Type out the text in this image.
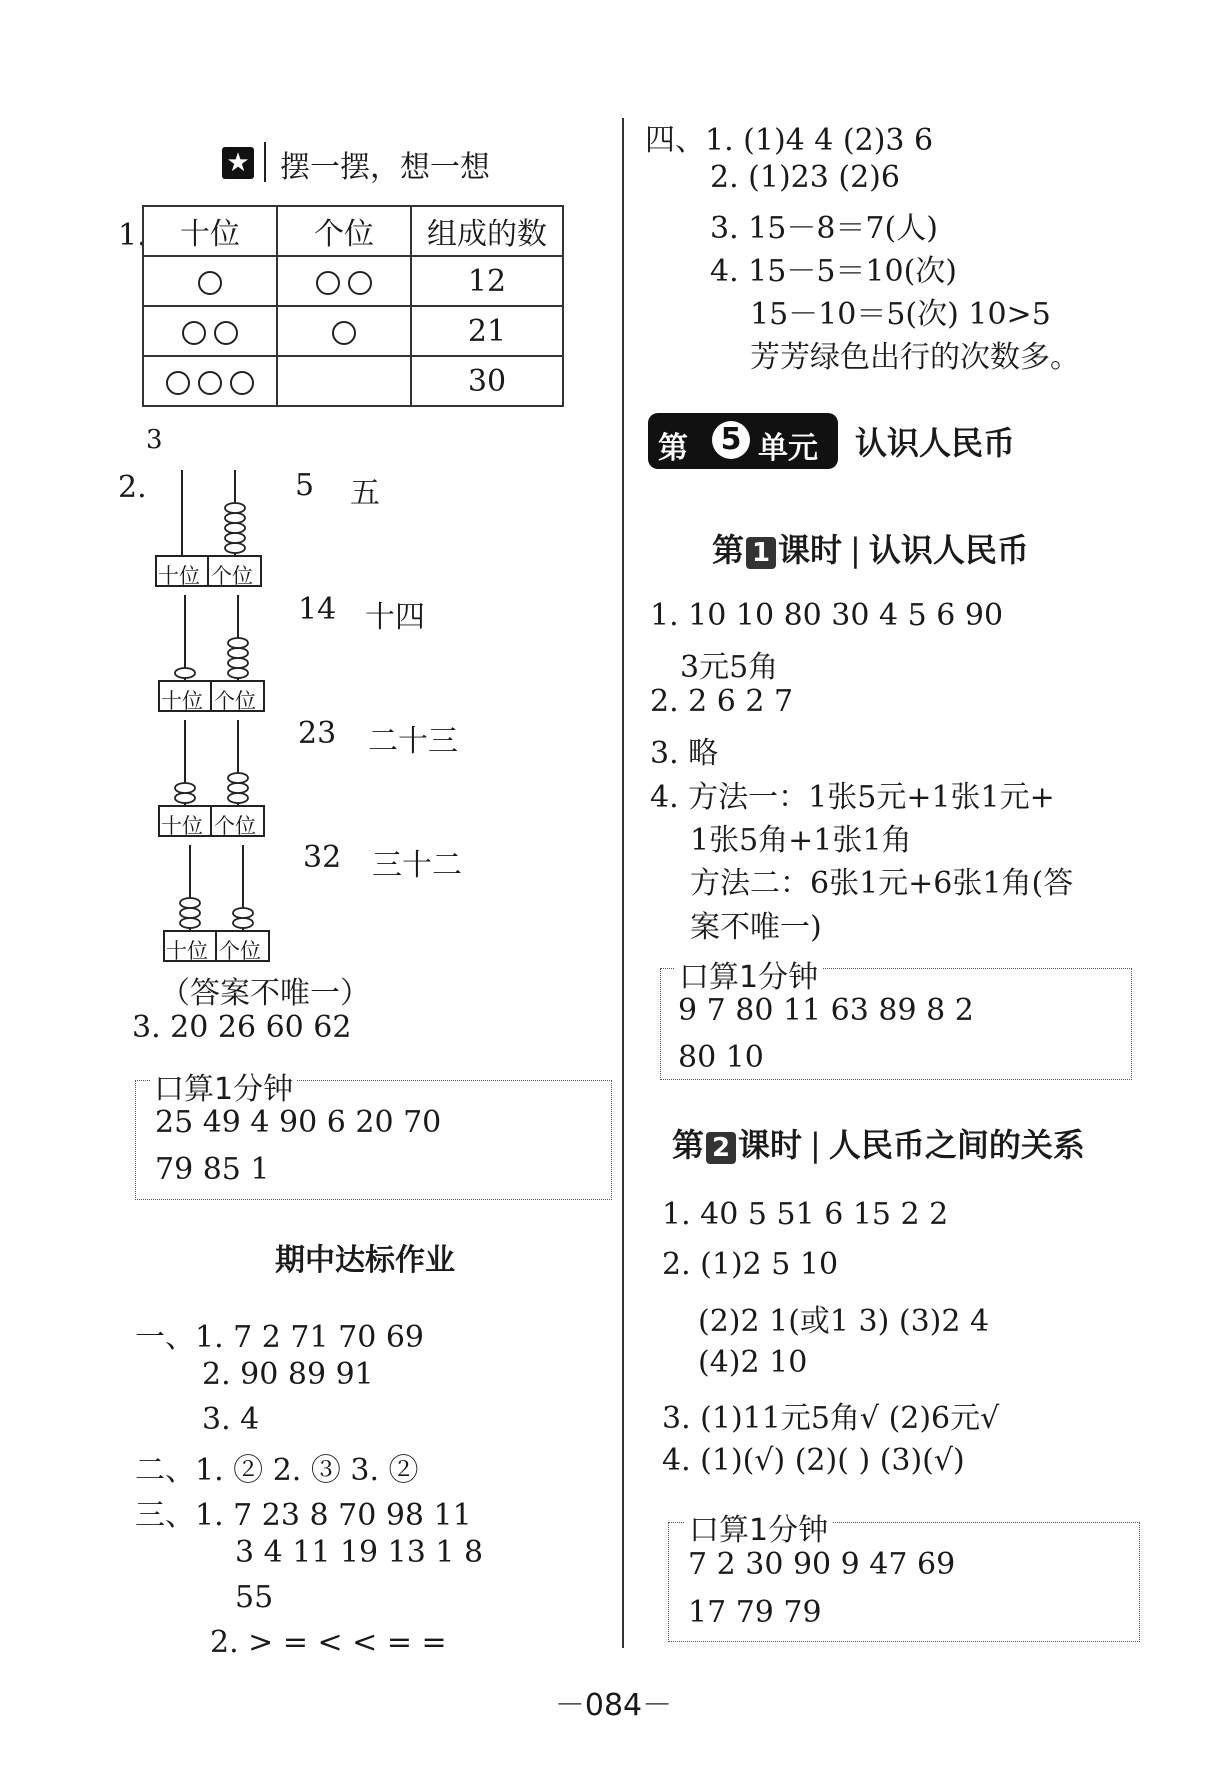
★ 摆一摆，想一想
1. 十位	个位	组成的数
		12
		21
		30
3
2.
十位 个位
5 五
十位 个位
14 十四
十位 个位
23 二十三
十位 个位
32 三十二
（答案不唯一）
3. 20 26 60 62
口算1分钟
25 49 4 90 6 20 70
79 85 1
期中达标作业
一、1. 7 2 71 70 69
2. 90 89 91
3. 4
二、1. ② 2. ③ 3. ②
三、1. 7 23 8 70 98 11
3 4 11 19 13 1 8
55
2. > = < < = =
四、1. (1)4 4 (2)3 6
2. (1)23 (2)6
3. 15－8＝7(人)
4. 15－5＝10(次)
15－10＝5(次) 10>5
芳芳绿色出行的次数多。
第 5 单元 认识人民币
第 1 课时 | 认识人民币
1. 10 10 80 30 4 5 6 90
3元5角
2. 2 6 2 7
3. 略
4. 方法一：1张5元+1张1元+
1张5角+1张1角
方法二：6张1元+6张1角(答
案不唯一)
口算1分钟
9 7 80 11 63 89 8 2
80 10
第 2 课时 | 人民币之间的关系
1. 40 5 51 6 15 2 2
2. (1)2 5 10
(2)2 1(或1 3) (3)2 4
(4)2 10
3. (1)11元5角√ (2)6元√
4. (1)(√) (2)( ) (3)(√)
口算1分钟
7 2 30 90 9 47 69
17 79 79
－084－
